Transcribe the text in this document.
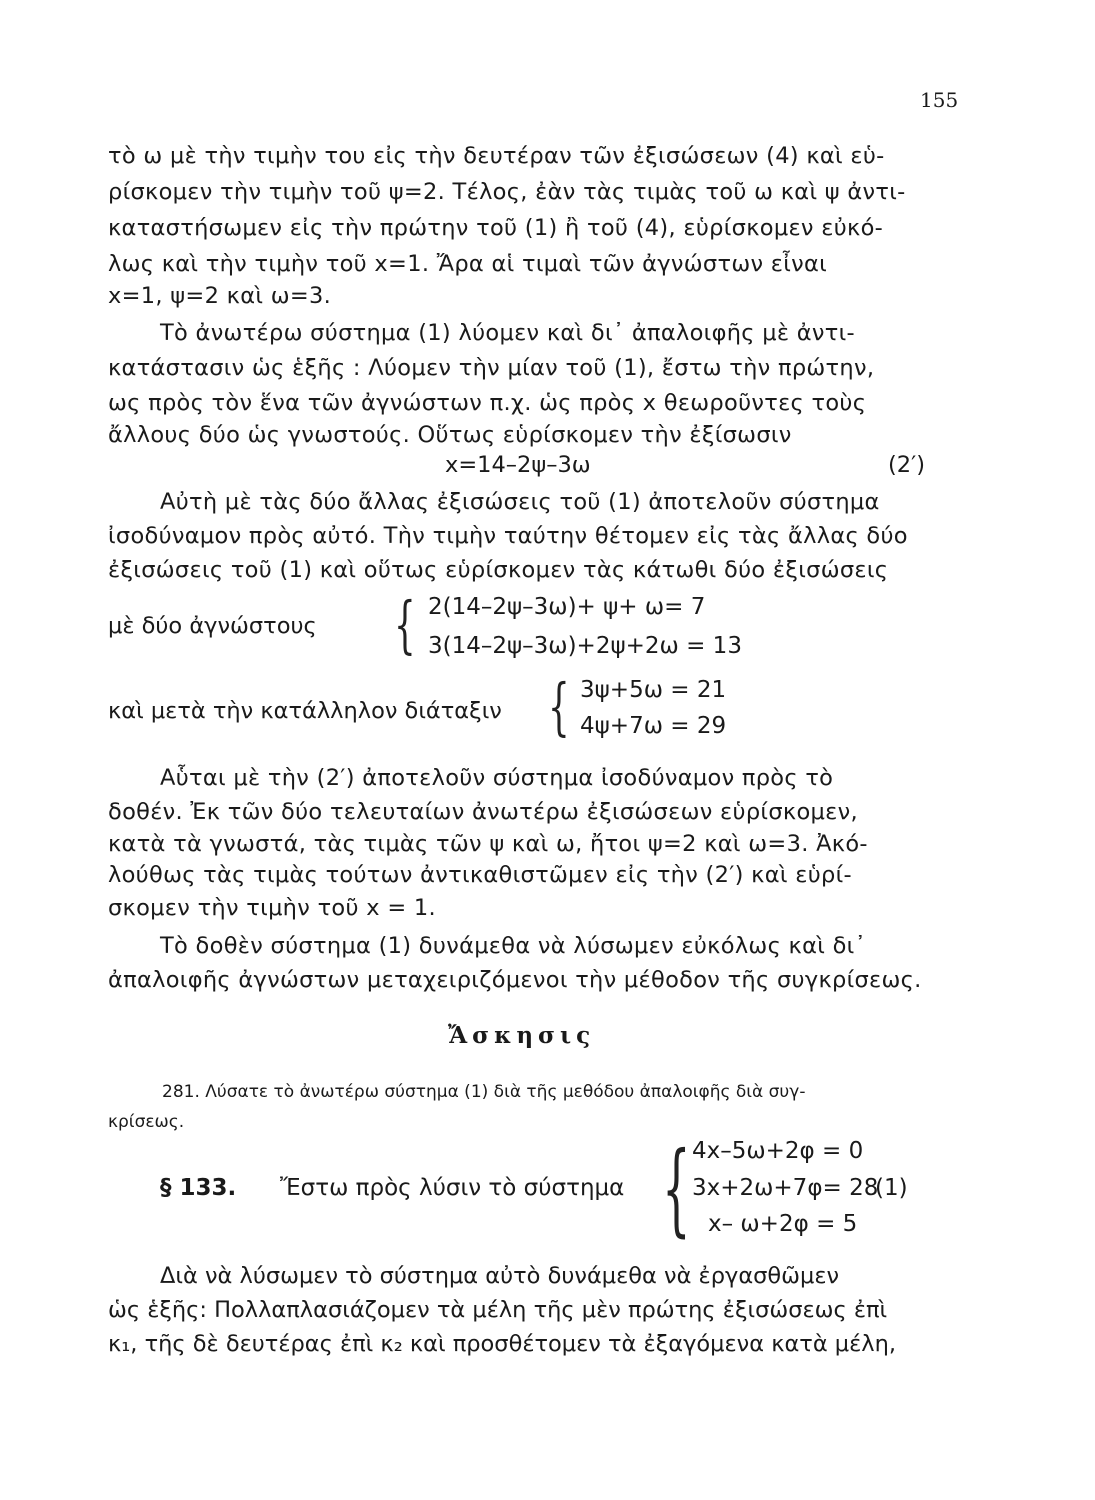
155
τὸ ω μὲ τὴν τιμὴν του εἰς τὴν δευτέραν τῶν ἐξισώσεων (4) καὶ εὑ-
ρίσκομεν τὴν τιμὴν τοῦ ψ=2. Τέλος, ἐὰν τὰς τιμὰς τοῦ ω καὶ ψ ἀντι-
καταστήσωμεν εἰς τὴν πρώτην τοῦ (1) ἢ τοῦ (4), εὑρίσκομεν εὐκό-
λως καὶ τὴν τιμὴν τοῦ x=1. Ἄρα αἱ τιμαὶ τῶν ἀγνώστων εἶναι
x=1, ψ=2 καὶ ω=3.
Τὸ ἀνωτέρω σύστημα (1) λύομεν καὶ δι᾽ ἀπαλοιφῆς μὲ ἀντι-
κατάστασιν ὡς ἑξῆς : Λύομεν τὴν μίαν τοῦ (1), ἔστω τὴν πρώτην,
ως πρὸς τὸν ἕνα τῶν ἀγνώστων π.χ. ὡς πρὸς x θεωροῦντες τοὺς
ἄλλους δύο ὡς γνωστούς. Οὕτως εὑρίσκομεν τὴν ἐξίσωσιν
x=14–2ψ–3ω	(2′)
Αὐτὴ μὲ τὰς δύο ἄλλας ἐξισώσεις τοῦ (1) ἀποτελοῦν σύστημα
ἰσοδύναμον πρὸς αὐτό. Τὴν τιμὴν ταύτην θέτομεν εἰς τὰς ἄλλας δύο
ἐξισώσεις τοῦ (1) καὶ οὕτως εὑρίσκομεν τὰς κάτωθι δύο ἐξισώσεις
μὲ δύο ἀγνώστους { 2(14–2ψ–3ω)+ ψ+ ω= 7
3(14–2ψ–3ω)+2ψ+2ω = 13
καὶ μετὰ τὴν κατάλληλον διάταξιν { 3ψ+5ω = 21
4ψ+7ω = 29
Αὗται μὲ τὴν (2′) ἀποτελοῦν σύστημα ἰσοδύναμον πρὸς τὸ
δοθέν. Ἐκ τῶν δύο τελευταίων ἀνωτέρω ἐξισώσεων εὑρίσκομεν,
κατὰ τὰ γνωστά, τὰς τιμὰς τῶν ψ καὶ ω, ἤτοι ψ=2 καὶ ω=3. Ἀκό-
λούθως τὰς τιμὰς τούτων ἀντικαθιστῶμεν εἰς τὴν (2′) καὶ εὑρί-
σκομεν τὴν τιμὴν τοῦ x = 1.
Τὸ δοθὲν σύστημα (1) δυνάμεθα νὰ λύσωμεν εὐκόλως καὶ δι᾽
ἀπαλοιφῆς ἀγνώστων μεταχειριζόμενοι τὴν μέθοδον τῆς συγκρίσεως.
Ἄσκησις
281. Λύσατε τὸ ἀνωτέρω σύστημα (1) διὰ τῆς μεθόδου ἀπαλοιφῆς διὰ συγ-
κρίσεως.
§ 133. Ἔστω πρὸς λύσιν τὸ σύστημα { 4x–5ω+2φ = 0
3x+2ω+7φ= 28
(1)
x– ω+2φ = 5
Διὰ νὰ λύσωμεν τὸ σύστημα αὐτὸ δυνάμεθα νὰ ἐργασθῶμεν
ὡς ἑξῆς: Πολλαπλασιάζομεν τὰ μέλη τῆς μὲν πρώτης ἐξισώσεως ἐπὶ
κ₁, τῆς δὲ δευτέρας ἐπὶ κ₂ καὶ προσθέτομεν τὰ ἐξαγόμενα κατὰ μέλη,
